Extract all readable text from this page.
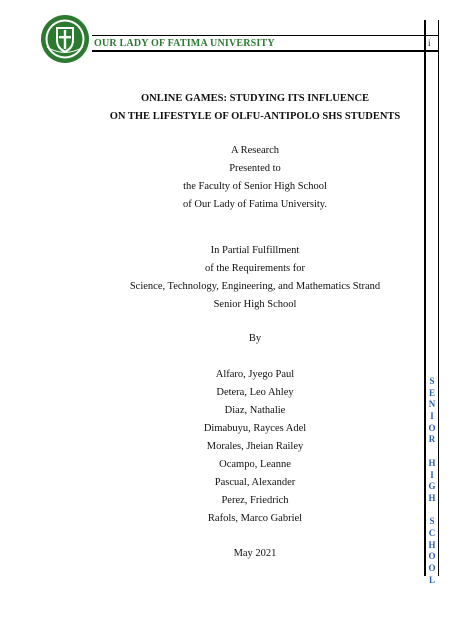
OUR LADY OF FATIMA UNIVERSITY	i
ONLINE GAMES: STUDYING ITS INFLUENCE
ON THE LIFESTYLE OF OLFU-ANTIPOLO SHS STUDENTS
A Research
Presented to
the Faculty of Senior High School
of Our Lady of Fatima University.
In Partial Fulfillment
of the Requirements for
Science, Technology, Engineering, and Mathematics Strand
Senior High School
By
Alfaro, Jyego Paul
Detera, Leo Ahley
Diaz, Nathalie
Dimabuyu, Rayces Adel
Morales, Jheian Railey
Ocampo, Leanne
Pascual, Alexander
Perez, Friedrich
Rafols, Marco Gabriel
May 2021
S
E
N
I
O
R
H
I
G
H
S
C
H
O
O
L
